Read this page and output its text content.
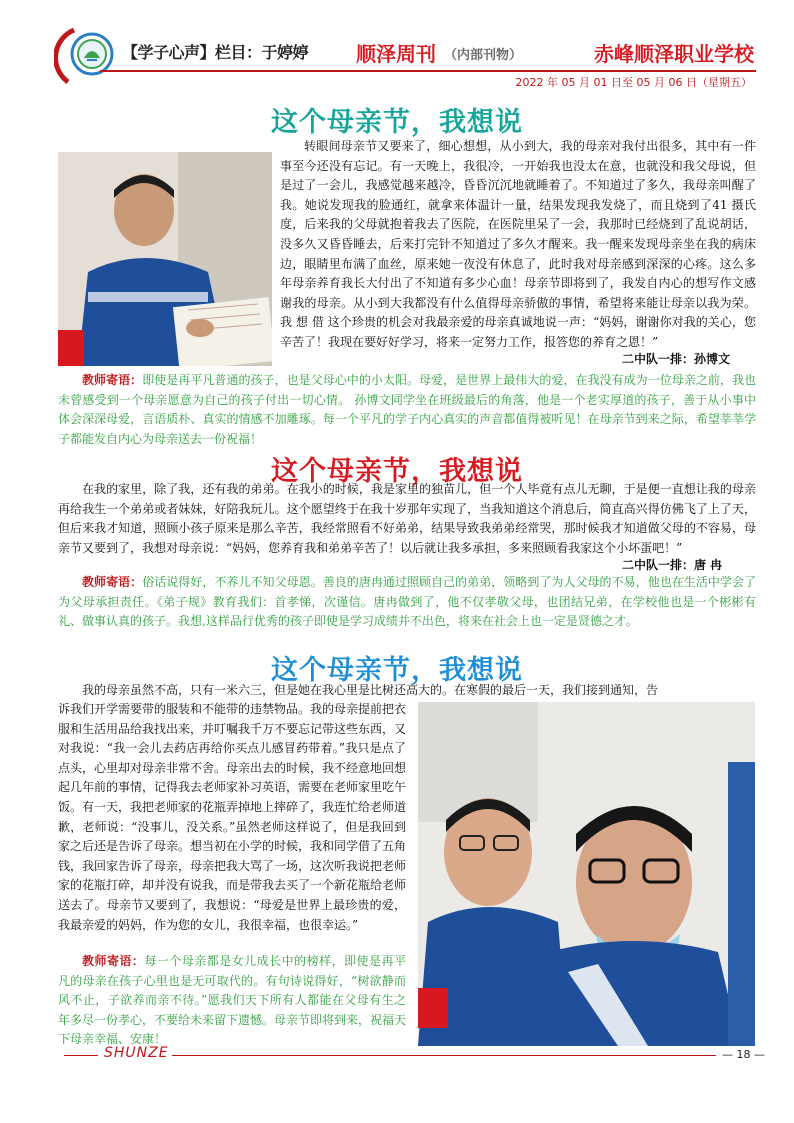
【学子心声】栏目：于婷婷 顺泽周刊 （内部刊物）	赤峰顺泽职业学校
2022 年 05 月 01 日至 05 月 06 日（星期五）
这个母亲节，我想说
转眼间母亲节又要来了，细心想想，从小到大，我的母亲对我付出很多，其中有一件事至今还没有忘记。有一天晚上，我很冷，一开始我也没太在意，也就没和我父母说，但是过了一会儿，我感觉越来越冷，昏昏沉沉地就睡着了。不知道过了多久，我母亲叫醒了我。她说发现我的脸通红，就拿来体温计一量，结果发现我发烧了，而且烧到了41 摄氏度，后来我的父母就抱着我去了医院，在医院里呆了一会，我那时已经烧到了乱说胡话，没多久又昏昏睡去，后来打完针不知道过了多久才醒来。我一醒来发现母亲坐在我的病床边，眼睛里布满了血丝，原来她一夜没有休息了，此时我对母亲感到深深的心疼。这么多年母亲养育我长大付出了不知道有多少心血！母亲节即将到了，我发自内心的想写作文感谢我的母亲。从小到大我都没有什么值得母亲骄傲的事情，希望将来能让母亲以我为荣。 我 想 借 这个珍贵的机会对我最亲爱的母亲真诚地说一声：“妈妈，谢谢你对我的关心，您辛苦了！我现在要好好学习，将来一定努力工作，报答您的养育之恩！”
二中队一排：孙博文
教师寄语：即使是再平凡普通的孩子，也是父母心中的小太阳。母爱，是世界上最伟大的爱，在我没有成为一位母亲之前，我也未曾感受到一个母亲愿意为自己的孩子付出一切心情。 孙博文同学坐在班级最后的角落，他是一个老实厚道的孩子，善于从小事中体会深深母爱，言语质朴、真实的情感不加雕琢。每一个平凡的学子内心真实的声音都值得被听见！在母亲节到来之际，希望莘莘学子都能发自内心为母亲送去一份祝福！
这个母亲节，我想说
在我的家里，除了我，还有我的弟弟。在我小的时候，我是家里的独苗儿，但一个人毕竟有点儿无聊，于是便一直想让我的母亲再给我生一个弟弟或者妹妹，好陪我玩儿。这个愿望终于在我十岁那年实现了，当我知道这个消息后，简直高兴得仿佛飞了上了天，但后来我才知道，照顾小孩子原来是那么辛苦，我经常照看不好弟弟，结果导致我弟弟经常哭，那时候我才知道做父母的不容易，母亲节又要到了，我想对母亲说：“妈妈，您养育我和弟弟辛苦了！以后就让我多承担，多来照顾看我家这个小坏蛋吧！”
二中队一排：唐 冉
教师寄语：俗话说得好，不养儿不知父母恩。善良的唐冉通过照顾自己的弟弟，领略到了为人父母的不易，他也在生活中学会了为父母承担责任。《弟子规》教育我们：首孝悌，次谨信。唐冉做到了，他不仅孝敬父母，也团结兄弟，在学校他也是一个彬彬有礼、做事认真的孩子。我想,这样品行优秀的孩子即使是学习成绩并不出色，将来在社会上也一定是贤德之才。
这个母亲节，我想说
我的母亲虽然不高，只有一米六三，但是她在我心里是比树还高大的。在寒假的最后一天，我们接到通知，告
诉我们开学需要带的服装和不能带的违禁物品。我的母亲提前把衣服和生活用品给我找出来，并叮嘱我千万不要忘记带这些东西，又对我说：“我一会儿去药店再给你买点儿感冒药带着。”我只是点了点头，心里却对母亲非常不舍。母亲出去的时候，我不经意地回想起几年前的事情，记得我去老师家补习英语，需要在老师家里吃午饭。有一天，我把老师家的花瓶弄掉地上摔碎了，我连忙给老师道歉，老师说：“没事儿，没关系。”虽然老师这样说了，但是我回到家之后还是告诉了母亲。想当初在小学的时候，我和同学借了五角钱，我回家告诉了母亲，母亲把我大骂了一场，这次听我说把老师家的花瓶打碎，却并没有说我，而是带我去买了一个新花瓶给老师送去了。母亲节又要到了，我想说：“母爱是世界上最珍贵的爱，我最亲爱的妈妈，作为您的女儿，我很幸福，也很幸运。”
教师寄语：每一个母亲都是女儿成长中的榜样，即使是再平凡的母亲在孩子心里也是无可取代的。有句诗说得好，“树欲静而风不止，子欲养而亲不待。”愿我们天下所有人都能在父母有生之年多尽一份孝心，不要给未来留下遗憾。母亲节即将到来，祝福天下母亲幸福、安康！
SHUNZE	— 18 —
